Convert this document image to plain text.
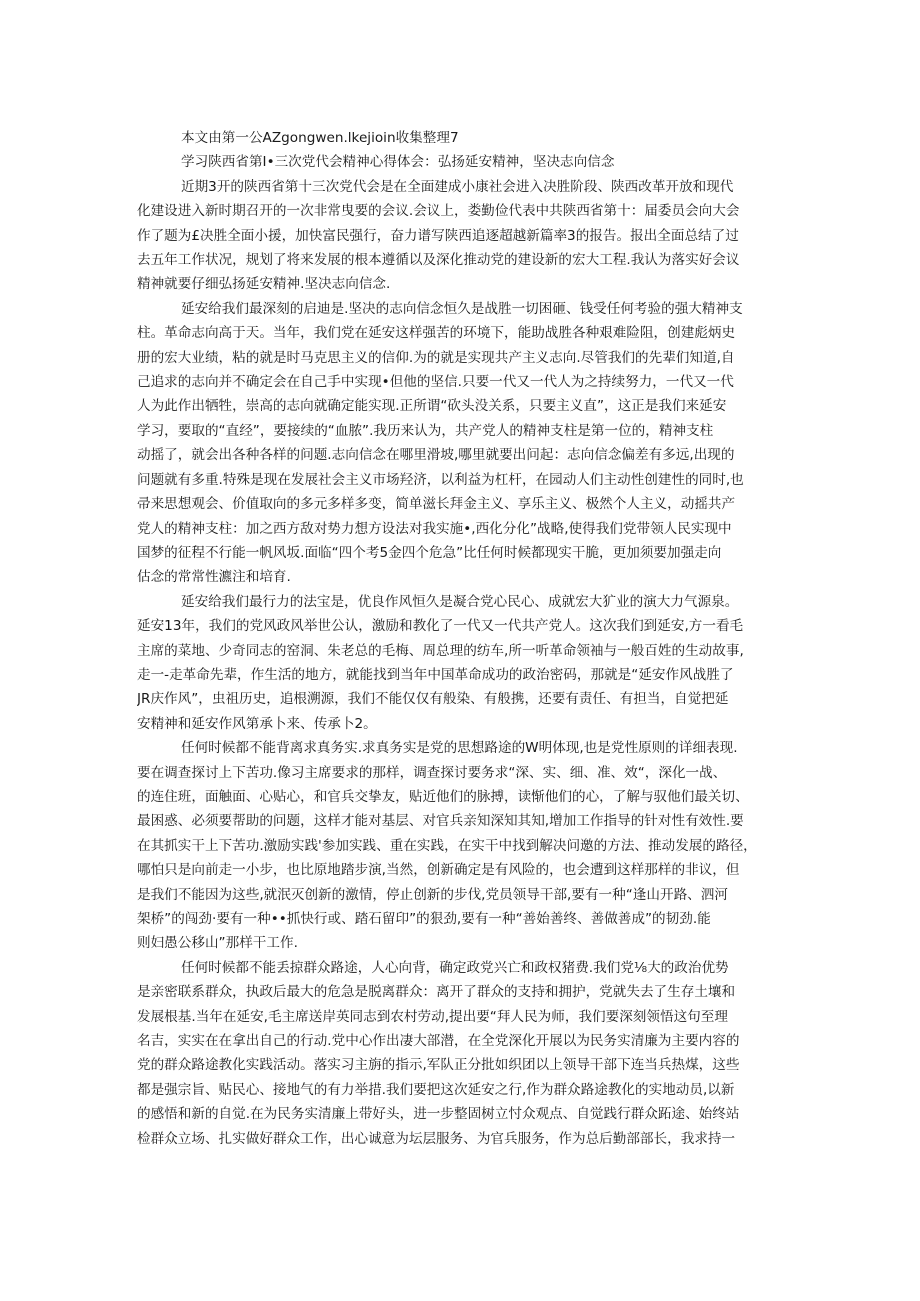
本文由第一公AZgongwen.lkejioin收集整理7
学习陕西省第I•三次党代会精神心得体会：弘扬延安精神，坚决志向信念
近期3开的陕西省第十三次党代会是在全面建成小康社会进入决胜阶段、陕西改革开放和现代
化建设进入新时期召开的一次非常曳要的会议.会议上，娄勤俭代表中共陕西省第十：届委员会向大会
作了题为£决胜全面小援，加快富民强行，奋力谱写陕西追逐超越新篇率3的报告。报出全面总结了过
去五年工作状况，规划了将来发展的根本遵循以及深化推动党的建设新的宏大工程.我认为落实好会议
精神就要仔细弘扬延安精神.坚决志向信念.
延安给我们最深刻的启迪是.坚决的志向信念恒久是战胜一切困砸、钱受任何考验的强大精神支
柱。革命志向高于天。当年，我们党在延安这样强苦的环境下，能助战胜各种艰难险阻，创建彪炳史
册的宏大业绩，粘的就是时马克思主义的信仰.为的就是实现共产主义志向.尽管我们的先辈们知道,自
己追求的志向并不确定会在自己手中实现•但他的坚信.只要一代又一代人为之持续努力，一代又一代
人为此作出牺牲，崇高的志向就确定能实现.正所谓“砍头没关系，只要主义直”，这正是我们来延安
学习，要取的“直经”，要接续的“血脓”.我历来认为，共产党人的精神支柱是第一位的，精神支柱
动摇了，就会出各种各样的问题.志向信念在哪里滑坡,哪里就要出问起：志向信念偏差有多远,出现的
问题就有多重.特殊是现在发展社会主义市场羟济，以利益为杠杆，在园动人们主动性创建性的同时,也
帚来思想观会、价值取向的多元多样多变，简单滋长拜金主义、享乐主义、极然个人主义，动摇共产
党人的精神支柱：加之西方敌对势力想方设法对我实施•,西化分化”战略,使得我们党带领人民实现中
国梦的征程不行能一帆风坂.面临“四个考5金四个危急”比任何时候都现实干脆，更加须要加强走向
估念的常常性瀌注和培育.
延安给我们最行力的法宝是，优良作风恒久是凝合党心民心、成就宏大犷业的演大力气源泉。
延安13年，我们的党风政风举世公认，激励和教化了一代又一代共产党人。这次我们到延安,方一看毛
主席的菜地、少奇同志的窑洞、朱老总的毛梅、周总理的纺车,所一听革命领袖与一般百姓的生动故事,
走一-走革命先辈，作生活的地方，就能找到当年中国革命成功的政治密码，那就是“延安作风战胜了
JR庆作风”，虫祖历史，追根溯源，我们不能仅仅有般染、有般携，还要有责任、有担当，自觉把延
安精神和延安作风第承卜来、传承卜2。
任何时候都不能背离求真务实.求真务实是党的思想路途的W明体现,也是党性原则的详细表现.
要在调查探讨上下苦功.像习主席要求的那样，调查探讨要务求“深、实、细、准、效“，深化一战、
的连住班，面触面、心贴心，和官兵交挚友，贴近他们的脉搏，读惭他们的心，了解与驭他们最关切、
最困惑、必须要帮助的问题，这样才能对基层、对官兵亲知深知其知,增加工作指导的针对性有效性.要
在其抓实干上下苦功.激励实践'参加实践、重在实践，在实干中找到解决问邀的方法、推动发展的路径，
哪怕只是向前走一小步，也比原地踏步演,当然，创新确定是有风险的，也会遭到这样那样的非议，但
是我们不能因为这些,就泯灭创新的激情，停止创新的步伐,党员领导干部,要有一种“逢山开路、泗河
架桥”的闯劲·要有一种••抓快行或、踏石留印”的狠劲,要有一种“善始善终、善做善成”的韧劲.能
则妇愚公移山”那样干工作.
任何时候都不能丢掠群众路途，人心向背，确定政党兴亡和政权猪费.我们党⅛大的政治优势
是亲密联系群众，执政后最大的危急是脱离群众：离开了群众的支持和拥护，党就失去了生存土壤和
发展根基.当年在延安,毛主席送岸英同志到农村劳动,提出要“拜人民为师，我们要深刻领悟这句至理
名吉，实实在在拿出自己的行动.党中心作出凄大部潜，在全党深化开展以为民务实清廉为主要内容的
党的群众路途教化实践活动。落实习主旃的指示,军队正分批如织团以上领导干部下连当兵热煤，这些
都是强宗旨、贴民心、接地气的有力举措.我们要把这次延安之行,作为群众路途教化的实地动员,以新
的感悟和新的自觉.在为民务实清廉上带好头，进一步整固树立忖众观点、自觉践行群众跖途、始终站
检群众立场、扎实做好群众工作，出心诚意为坛层服务、为官兵服务，作为总后勤部部长，我求持一
